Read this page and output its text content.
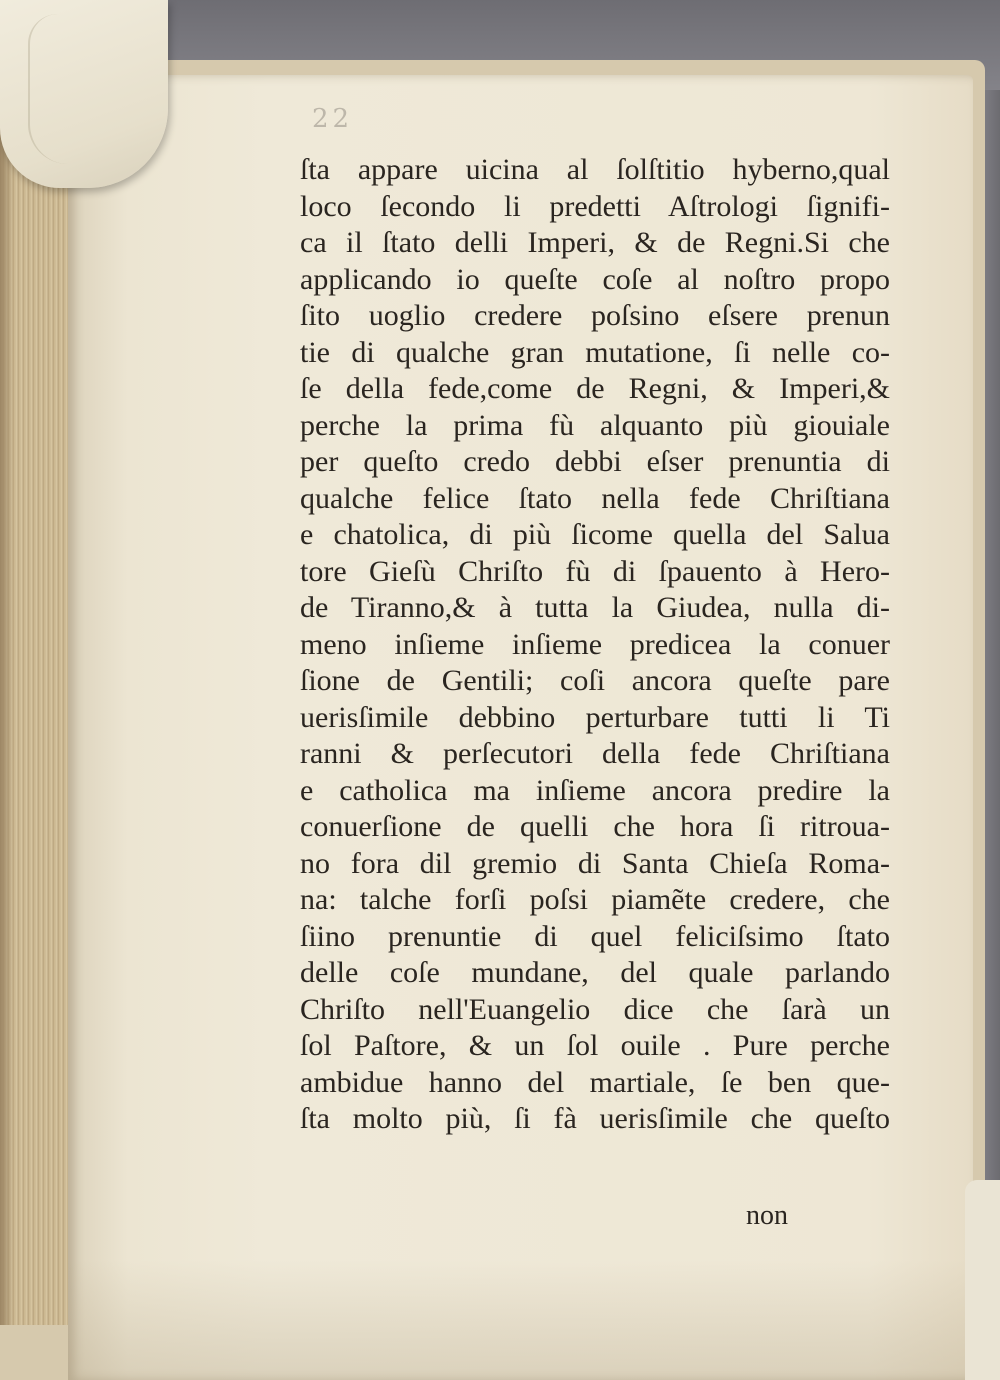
22
ſta appare uicina al ſolſtitio hyberno,qual
loco ſecondo li predetti Aſtrologi ſignifi-
ca il ſtato delli Imperi, & de Regni.Si che
applicando io queſte coſe al noſtro propo
ſito uoglio credere poſsino eſsere prenun
tie di qualche gran mutatione, ſi nelle co-
ſe della fede,come de Regni, & Imperi,&
perche la prima fù alquanto più giouiale
per queſto credo debbi eſser prenuntia di
qualche felice ſtato nella fede Chriſtiana
e chatolica, di più ſicome quella del Salua
tore Gieſù Chriſto fù di ſpauento à Hero-
de Tiranno,& à tutta la Giudea, nulla di-
meno inſieme inſieme predicea la conuer
ſione de Gentili; coſi ancora queſte pare
uerisſimile debbino perturbare tutti li Ti
ranni & perſecutori della fede Chriſtiana
e catholica ma inſieme ancora predire la
conuerſione de quelli che hora ſi ritroua-
no fora dil gremio di Santa Chieſa Roma-
na: talche forſi poſsi piamẽte credere, che
ſiino prenuntie di quel feliciſsimo ſtato
delle coſe mundane, del quale parlando
Chriſto nell'Euangelio dice che ſarà un
ſol Paſtore, & un ſol ouile . Pure perche
ambidue hanno del martiale, ſe ben que-
ſta molto più, ſi fà uerisſimile che queſto
non
